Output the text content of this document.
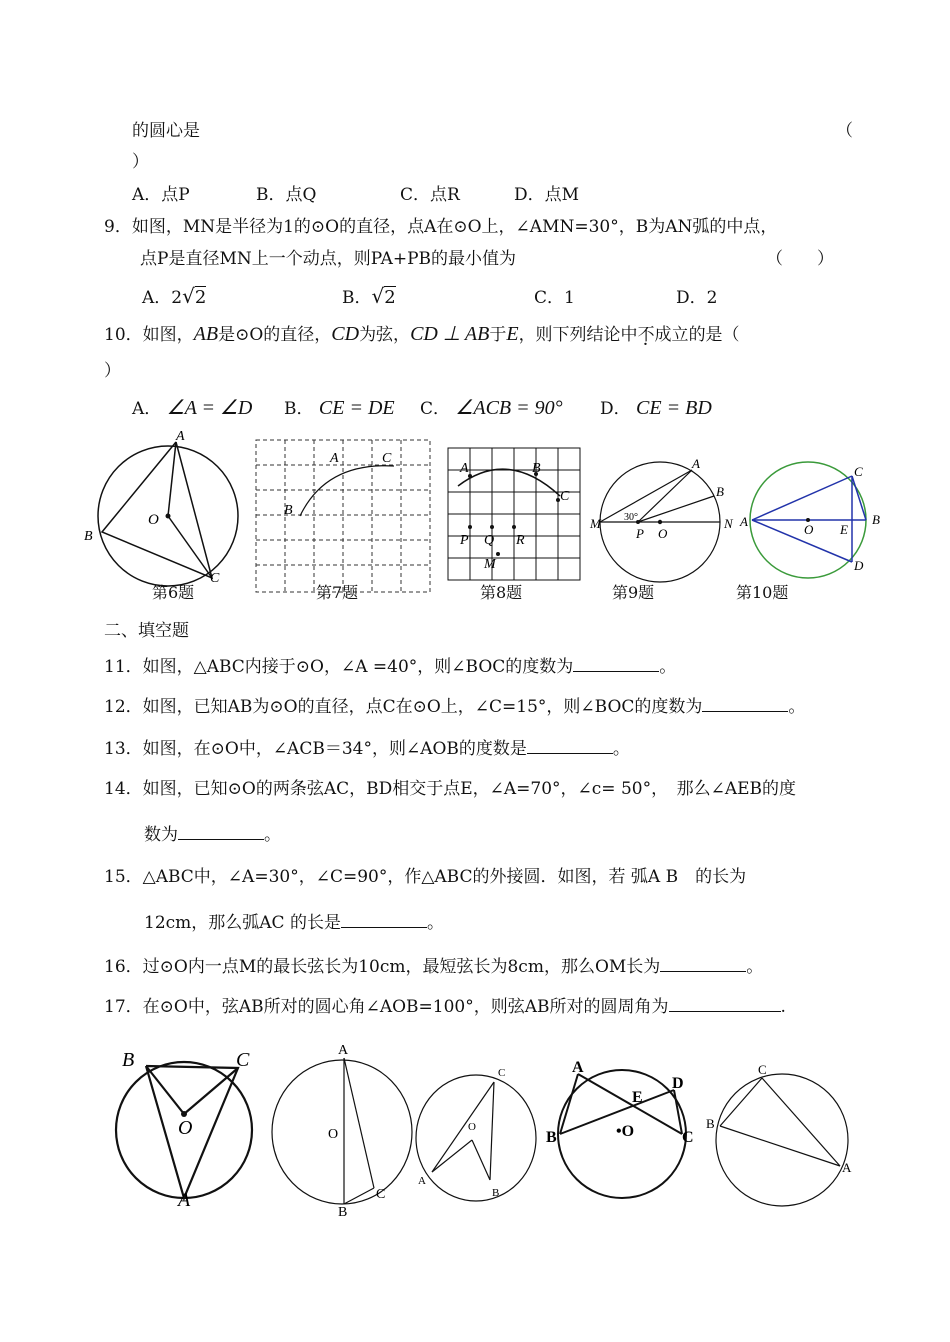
的圆心是	（
）
A．点P	B．点Q	C．点R	D．点M
9．如图，MN是半径为1的⊙O的直径，点A在⊙O上，∠AMN=30°，B为AN弧的中点，
点P是直径MN上一个动点，则PA+PB的最小值为	（　　）
A．2√2	B．√2	C．1	D．2
10．如图，AB是⊙O的直径，CD为弦，CD ⊥ AB于E，则下列结论中不成立的是（
）
A． ∠A = ∠D B． CE = DE C． ∠ACB = 90° D． CE = BD
A
B
C
O
A
B
C
A	B
C
P Q R
M
M	N
A
B
P O
30°	A	B
C
D
E
O
第6题	第7题	第8题	第9题	第10题
二、填空题
11．如图，△ABC内接于⊙O，∠A =40°，则∠BOC的度数为	。
12．如图，已知AB为⊙O的直径，点C在⊙O上，∠C=15°，则∠BOC的度数为	。
13．如图，在⊙O中，∠ACB＝34°，则∠AOB的度数是	。
14．如图，已知⊙O的两条弦AC，BD相交于点E，∠A=70°，∠c= 50°，　那么∠AEB的度
数为	。
15．△ABC中，∠A=30°，∠C=90°，作△ABC的外接圆．如图，若 弧A B　的长为
12cm，那么弧AC 的长是	。
16．过⊙O内一点M的最长弦长为10cm，最短弦长为8cm，那么OM长为	。
17．在⊙O中，弦AB所对的圆心角∠AOB=100°，则弦AB所对的圆周角为	.
B	C
A
O
A
B
C
O
C
A
B
O
A
B	C
D
E
•O
C
B
A
